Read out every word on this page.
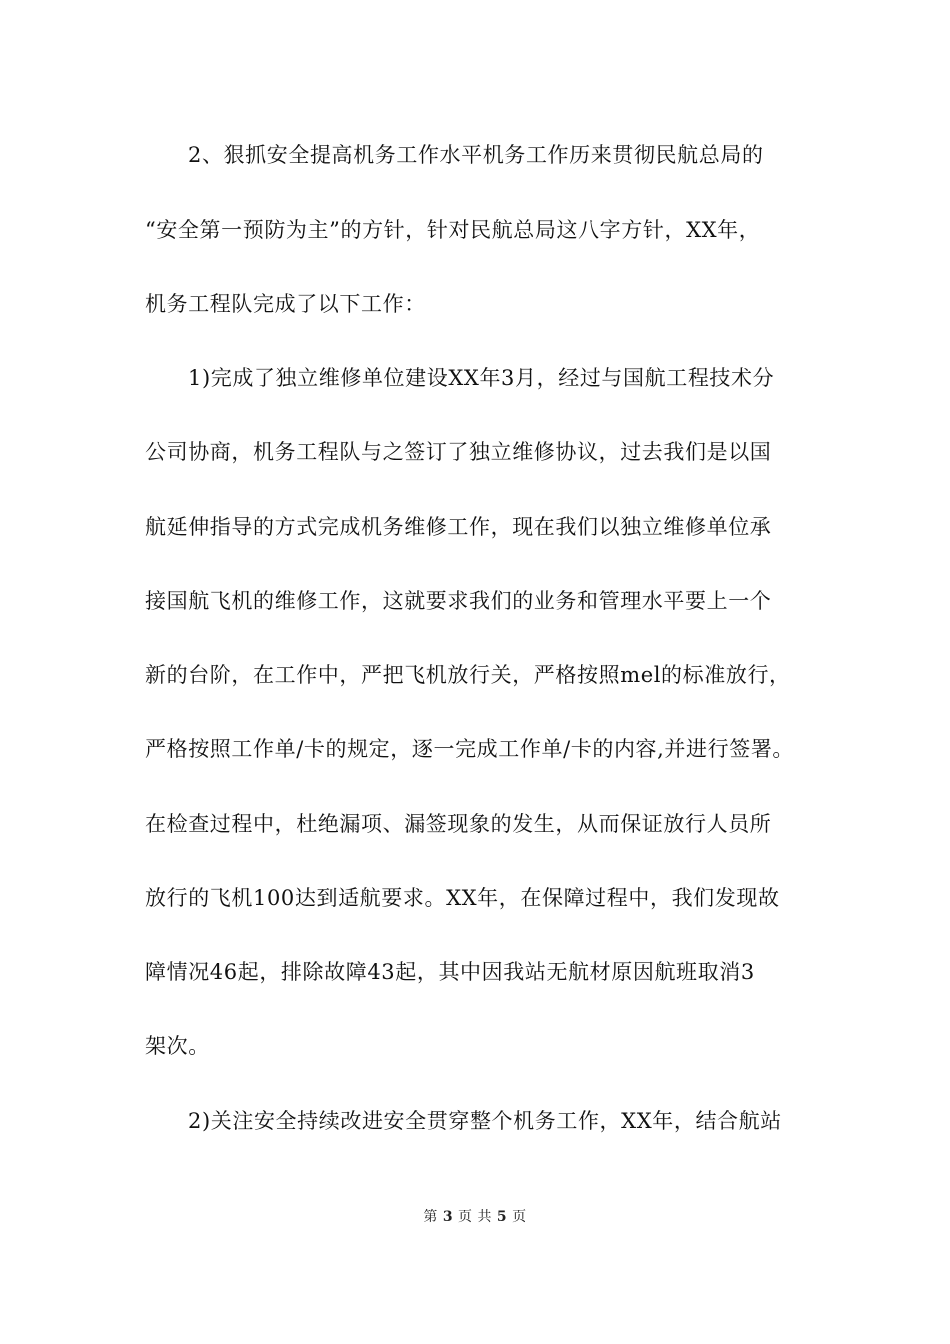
2、狠抓安全提高机务工作水平机务工作历来贯彻民航总局的
“安全第一预防为主”的方针，针对民航总局这八字方针，XX年，
机务工程队完成了以下工作：
1)完成了独立维修单位建设XX年3月，经过与国航工程技术分
公司协商，机务工程队与之签订了独立维修协议，过去我们是以国
航延伸指导的方式完成机务维修工作，现在我们以独立维修单位承
接国航飞机的维修工作，这就要求我们的业务和管理水平要上一个
新的台阶，在工作中，严把飞机放行关，严格按照mel的标准放行，
严格按照工作单/卡的规定，逐一完成工作单/卡的内容,并进行签署。
在检查过程中，杜绝漏项、漏签现象的发生，从而保证放行人员所
放行的飞机100达到适航要求。XX年，在保障过程中，我们发现故
障情况46起，排除故障43起，其中因我站无航材原因航班取消3
架次。
2)关注安全持续改进安全贯穿整个机务工作，XX年，结合航站
第 3 页 共 5 页
